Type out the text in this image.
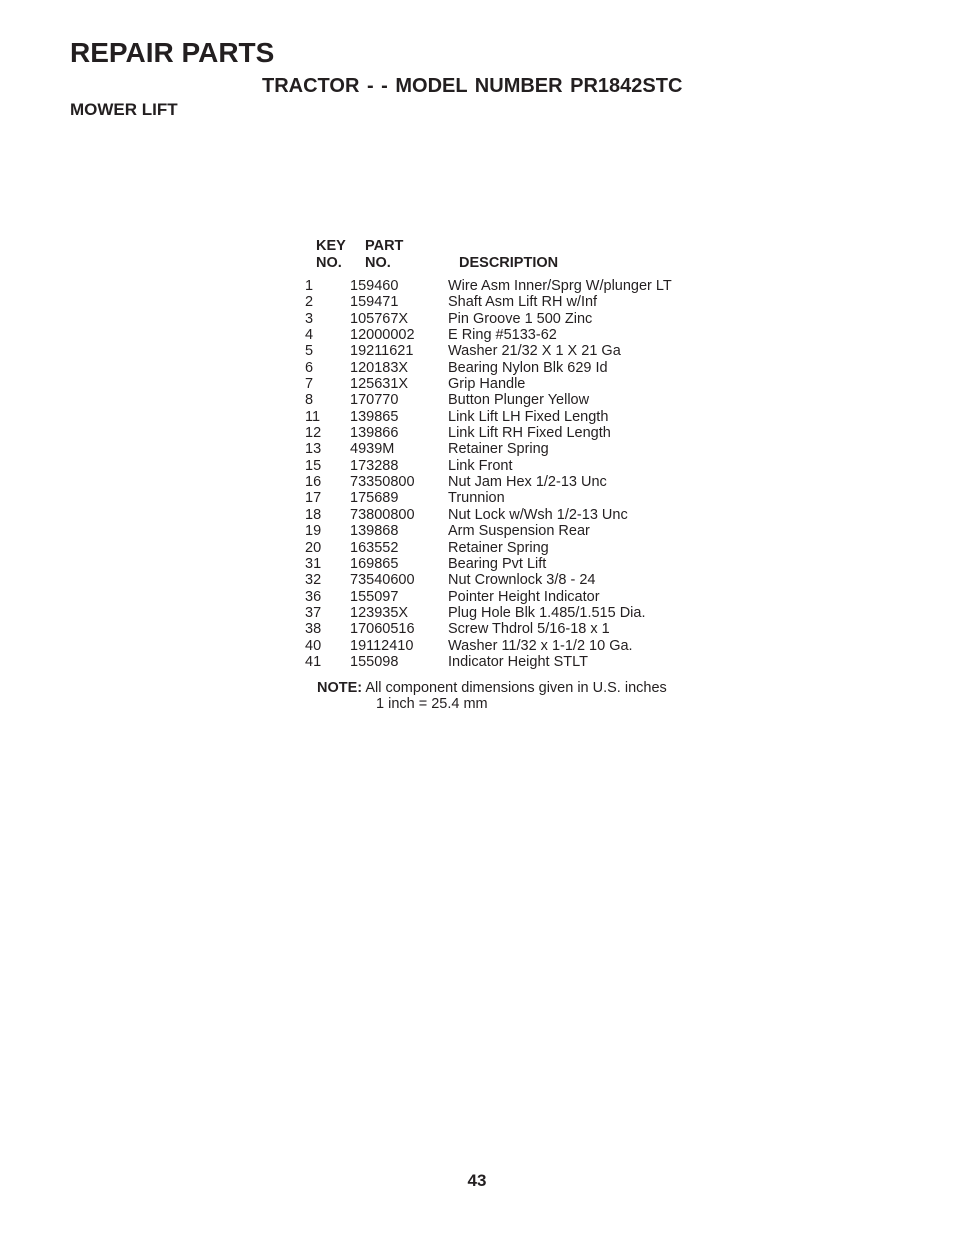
REPAIR PARTS
TRACTOR - - MODEL NUMBER PR1842STC
MOWER LIFT
KEY
NO.
PART
NO.	DESCRIPTION
1	159460	Wire Asm Inner/Sprg W/plunger LT
2	159471	Shaft Asm Lift RH w/Inf
3	105767X	Pin Groove 1 500 Zinc
4	12000002 E Ring #5133-62
5	19211621 Washer 21/32 X 1 X 21 Ga
6	120183X	Bearing Nylon Blk 629 Id
7	125631X	Grip Handle
8	170770	Button Plunger Yellow
11 139865	Link Lift LH Fixed Length
12 139866	Link Lift RH Fixed Length
13 4939M	Retainer Spring
15 173288	Link Front
16 73350800 Nut Jam Hex 1/2-13 Unc
17 175689	Trunnion
18 73800800 Nut Lock w/Wsh 1/2-13 Unc
19 139868	Arm Suspension Rear
20 163552	Retainer Spring
31 169865	Bearing Pvt Lift
32 73540600 Nut Crownlock 3/8 - 24
36 155097	Pointer Height Indicator
37 123935X	Plug Hole Blk 1.485/1.515 Dia.
38 17060516 Screw Thdrol 5/16-18 x 1
40 19112410 Washer 11/32 x 1-1/2 10 Ga.
41 155098	Indicator Height STLT
NOTE: All component dimensions given in U.S. inches
1 inch = 25.4 mm
43
